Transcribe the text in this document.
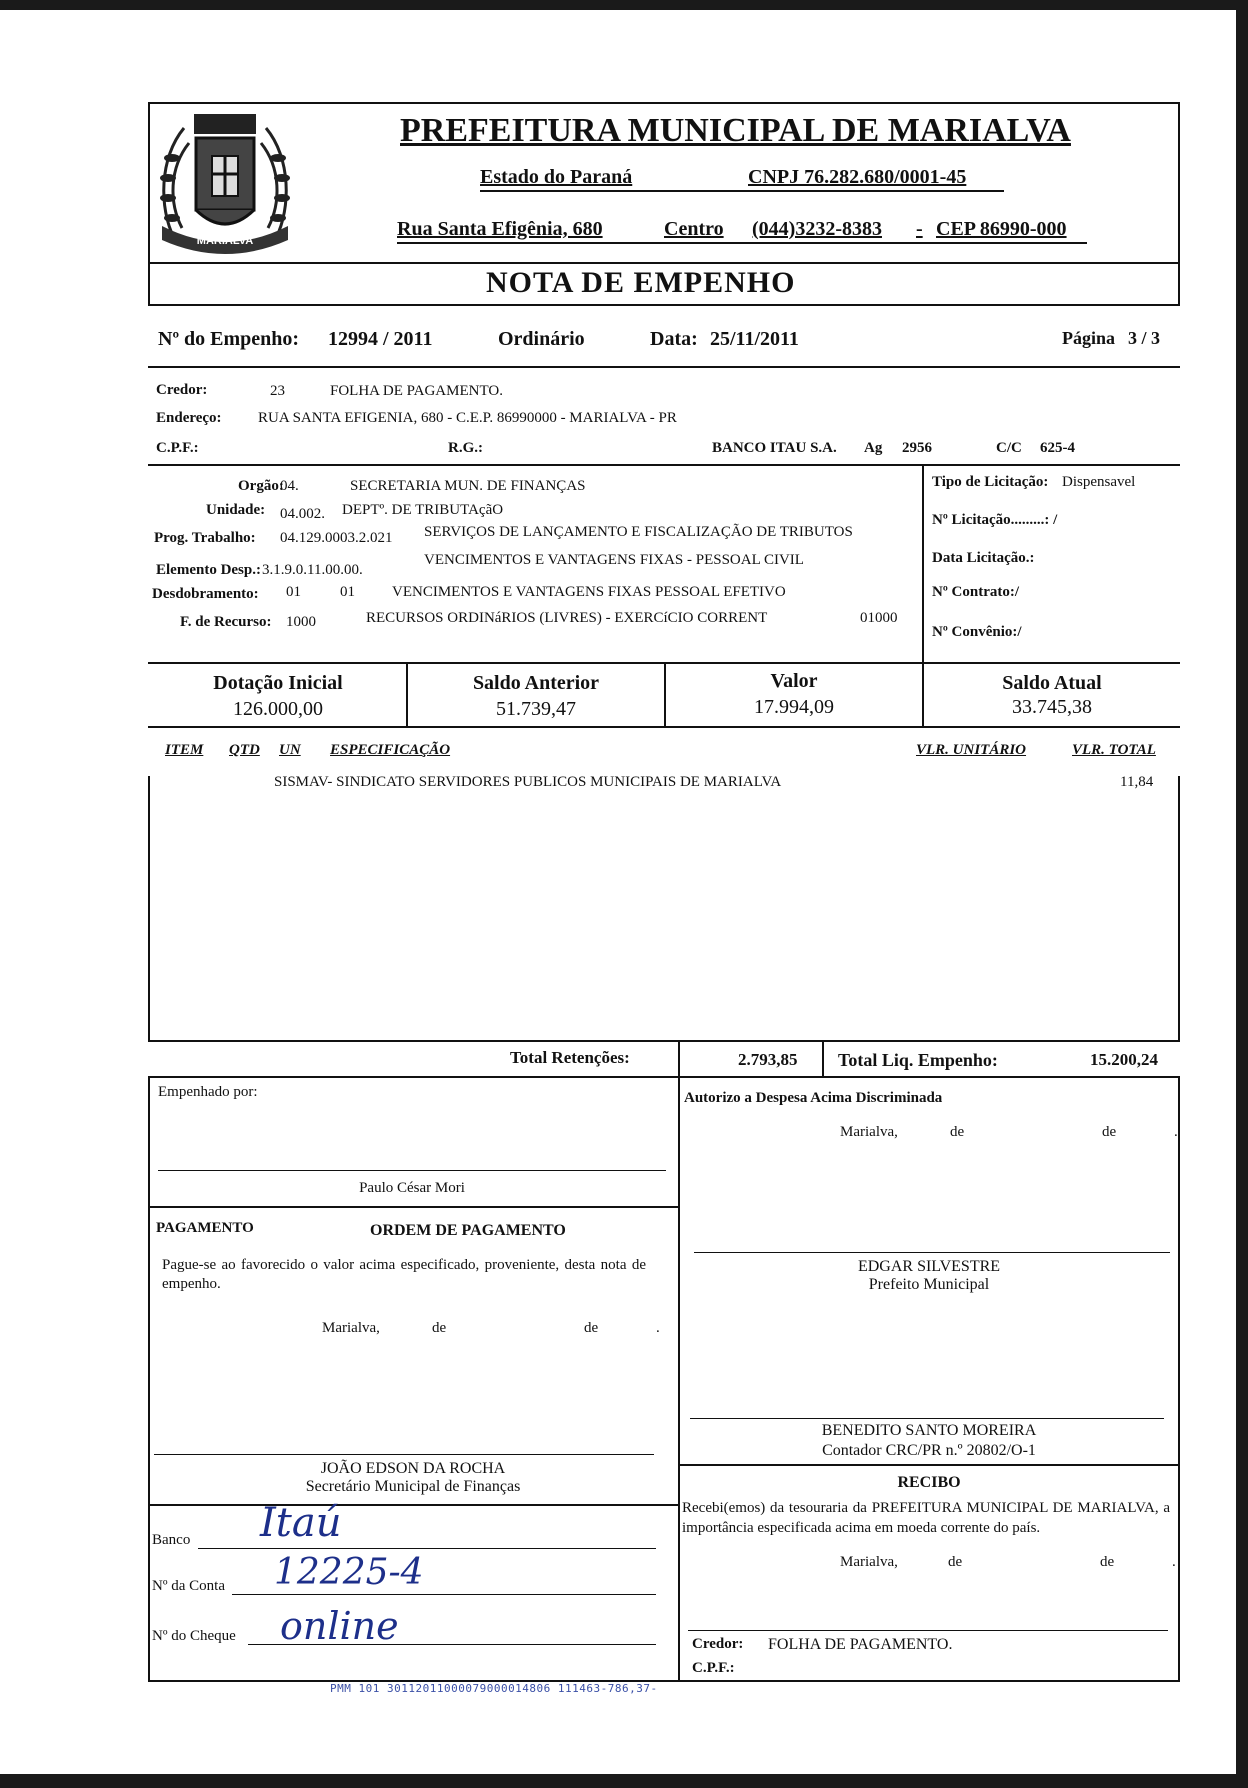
MARIALVA
PREFEITURA MUNICIPAL DE MARIALVA
Estado do Paraná	CNPJ 76.282.680/0001-45
Rua Santa Efigênia, 680	Centro (044)3232-8383 - CEP 86990-000
NOTA DE EMPENHO
Nº do Empenho: 12994 / 2011	Ordinário	Data: 25/11/2011	Página 3 / 3
Credor:	23	FOLHA DE PAGAMENTO.
Endereço: RUA SANTA EFIGENIA, 680 - C.E.P. 86990000 - MARIALVA - PR
C.P.F.:	R.G.:	BANCO ITAU S.A. Ag 2956	C/C 625-4
Orgão:
04.	SECRETARIA MUN. DE FINANÇAS
Unidade: 04.002. DEPTº. DE TRIBUTAçãO
Prog. Trabalho: 04.129.0003.2.021 SERVIÇOS DE LANÇAMENTO E FISCALIZAÇÃO DE TRIBUTOS
Elemento Desp.: 3.1.9.0.11.00.00.
VENCIMENTOS E VANTAGENS FIXAS - PESSOAL CIVIL
Desdobramento: 01	01 VENCIMENTOS E VANTAGENS FIXAS PESSOAL EFETIVO
F. de Recurso: 1000	RECURSOS ORDINáRIOS (LIVRES) - EXERCíCIO CORRENT	01000
Tipo de Licitação: Dispensavel
Nº Licitação.........: /
Data Licitação.:
Nº Contrato:/
Nº Convênio:/
Dotação Inicial
126.000,00
Saldo Anterior
51.739,47
Valor
17.994,09
Saldo Atual
33.745,38
ITEM QTD UN ESPECIFICAÇÃO	VLR. UNITÁRIO	VLR. TOTAL
SISMAV- SINDICATO SERVIDORES PUBLICOS MUNICIPAIS DE MARIALVA	11,84
Total Retenções:	2.793,85 Total Liq. Empenho:	15.200,24
Empenhado por:
Paulo César Mori
Autorizo a Despesa Acima Discriminada
Marialva,	de	de	.
EDGAR SILVESTRE
Prefeito Municipal
BENEDITO SANTO MOREIRA
Contador CRC/PR n.º 20802/O-1
PAGAMENTO	ORDEM DE PAGAMENTO
Pague-se ao favorecido o valor acima especificado, proveniente, desta nota de empenho.
Marialva,	de	de	.
JOÃO EDSON DA ROCHA
Secretário Municipal de Finanças
Banco Itaú
Nº da Conta 12225-4
Nº do Cheque online
RECIBO
Recebi(emos) da tesouraria da PREFEITURA MUNICIPAL DE MARIALVA, a importância especificada acima em moeda corrente do país.
Marialva,	de	de	.
Credor: FOLHA DE PAGAMENTO.
C.P.F.:
PMM 101 30112011000079000014806 111463-786,37-
